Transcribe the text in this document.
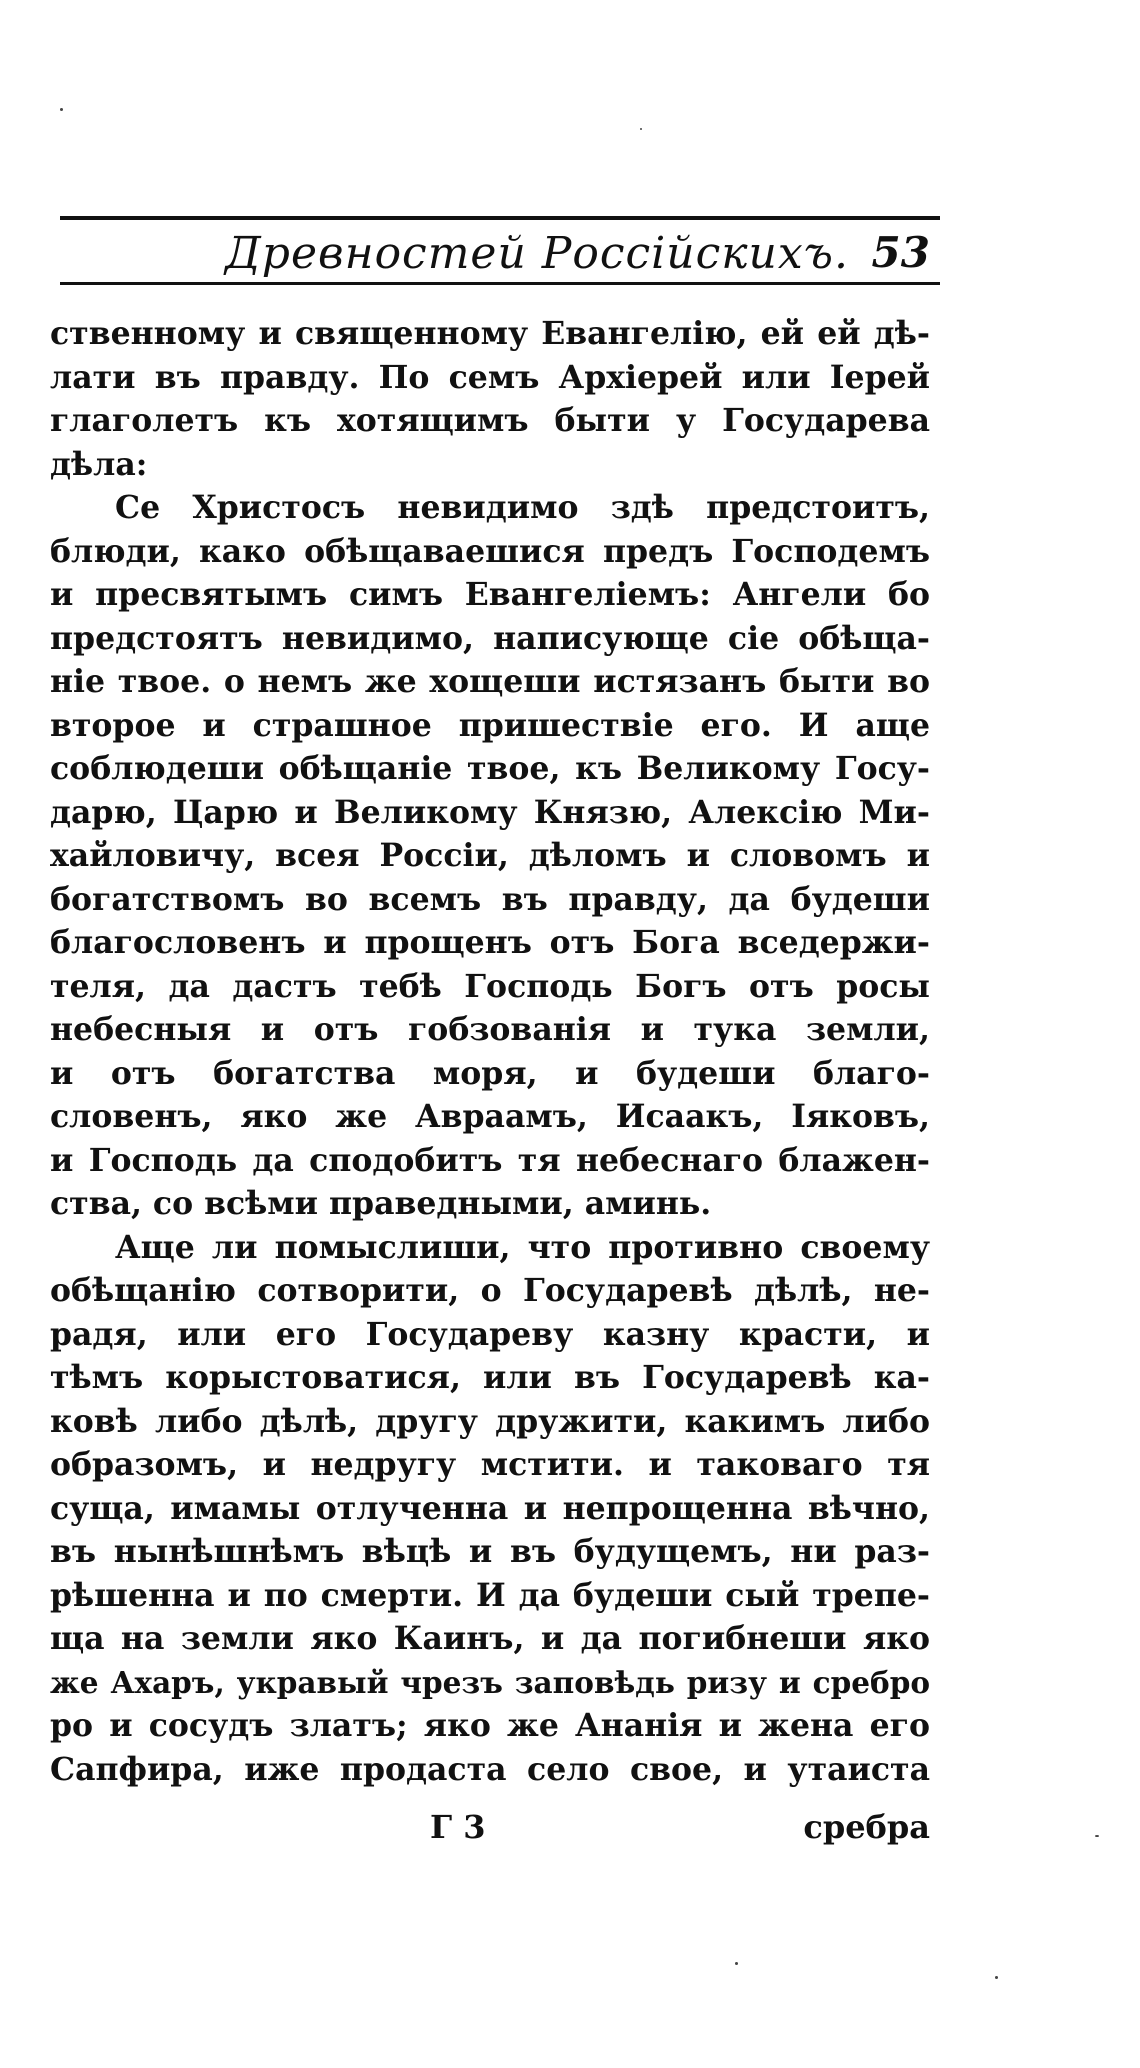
Древностей Россійскихъ. 53
ственному и священному Евангелію, ей ей дѣ-
лати въ правду. По семъ Архіерей или Іерей
глаголетъ къ хотящимъ быти у Государева
дѣла:
Се Христосъ невидимо здѣ предстоитъ,
блюди, како обѣщаваешися предъ Господемъ
и пресвятымъ симъ Евангеліемъ: Ангели бо
предстоятъ невидимо, написующе сіе обѣща-
ніе твое. о немъ же хощеши истязанъ быти во
второе и страшное пришествіе его. И аще
соблюдеши обѣщаніе твое, къ Великому Госу-
дарю, Царю и Великому Князю, Алексію Ми-
хайловичу, всея Россіи, дѣломъ и словомъ и
богатствомъ во всемъ въ правду, да будеши
благословенъ и прощенъ отъ Бога вседержи-
теля, да дастъ тебѣ Господь Богъ отъ росы
небесныя и отъ гобзованія и тука земли,
и отъ богатства моря, и будеши благо-
словенъ, яко же Авраамъ, Исаакъ, Іяковъ,
и Господь да сподобитъ тя небеснаго блажен-
ства, со всѣми праведными, аминь.
Аще ли помыслиши, что противно своему
обѣщанію сотворити, о Государевѣ дѣлѣ, не-
радя, или его Государеву казну красти, и
тѣмъ корыстоватися, или въ Государевѣ ка-
ковѣ либо дѣлѣ, другу дружити, какимъ либо
образомъ, и недругу мстити. и таковаго тя
суща, имамы отлученна и непрощенна вѣчно,
въ нынѣшнѣмъ вѣцѣ и въ будущемъ, ни раз-
рѣшенна и по смерти. И да будеши сый трепе-
ща на земли яко Каинъ, и да погибнеши яко
же Ахаръ, укравый чрезъ заповѣдь ризу и сребро
ро и сосудъ златъ; яко же Ананія и жена его
Сапфира, иже продаста село свое, и утаиста
Г 3	сребра
